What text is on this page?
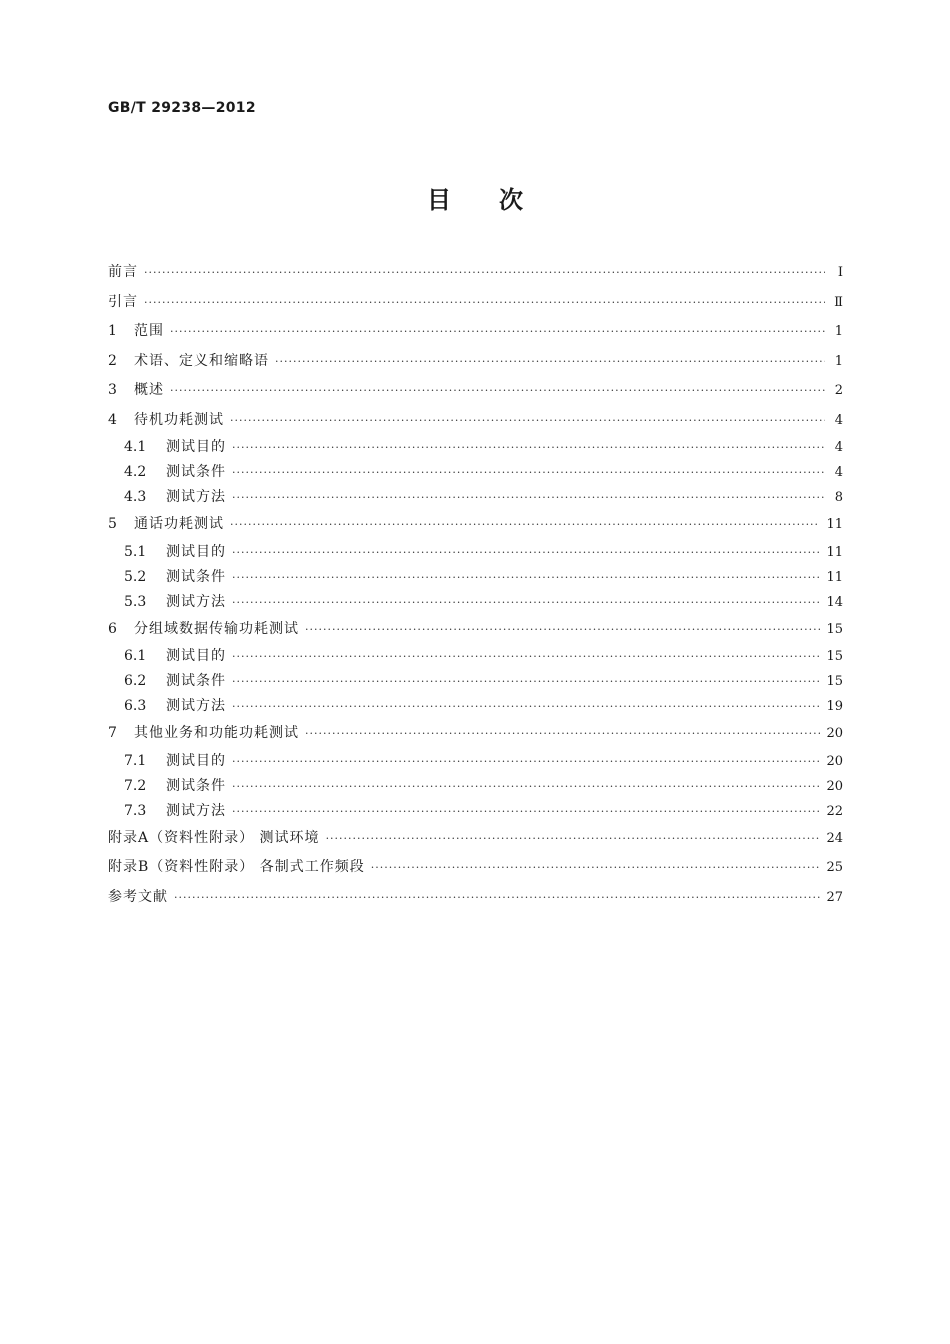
GB/T 29238—2012
目 次
前言 ·····	Ⅰ
引言 ·····	Ⅱ
1	范围 ·····	1
2	术语、定义和缩略语 ·····	1
3	概述 ·····	2
4	待机功耗测试 ·····	4
4.1	测试目的 ·····	4
4.2	测试条件 ·····	4
4.3	测试方法 ·····	8
5	通话功耗测试 ·····	11
5.1	测试目的 ·····	11
5.2	测试条件 ·····	11
5.3	测试方法 ·····	14
6	分组域数据传输功耗测试 ·····	15
6.1	测试目的 ·····	15
6.2	测试条件 ·····	15
6.3	测试方法 ·····	19
7	其他业务和功能功耗测试 ·····	20
7.1	测试目的 ·····	20
7.2	测试条件 ·····	20
7.3	测试方法 ·····	22
附录A（资料性附录） 测试环境 ·····	24
附录B（资料性附录） 各制式工作频段 ·····	25
参考文献 ·····	27
